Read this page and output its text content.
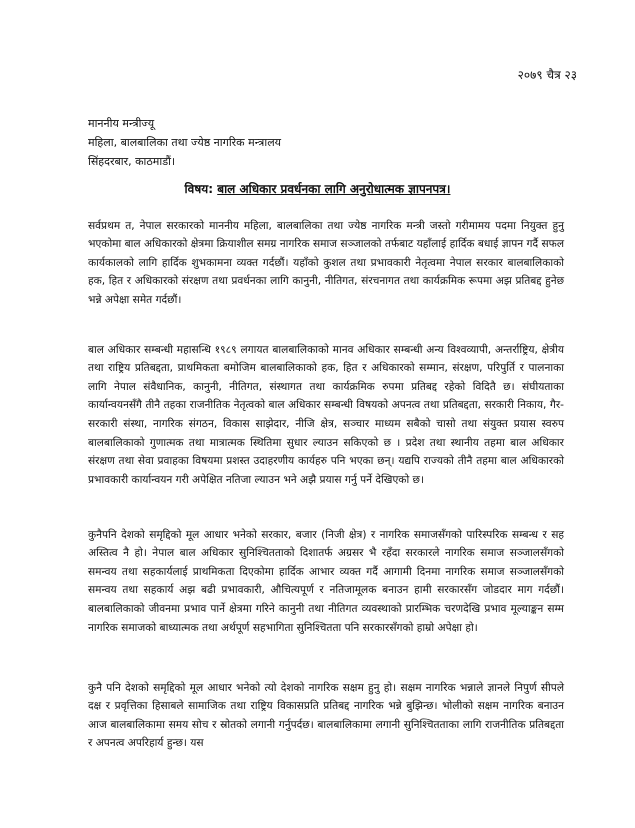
२०७९ चैत्र २३
माननीय मन्त्रीज्यू
महिला, बालबालिका तथा ज्येष्ठ नागरिक मन्त्रालय
सिंहदरबार, काठमाडौं।
विषय: बाल अधिकार प्रवर्धनका लागि अनुरोधात्मक ज्ञापनपत्र।

सर्वप्रथम त, नेपाल सरकारको माननीय महिला, बालबालिका तथा ज्येष्ठ नागरिक मन्त्री जस्तो गरीमामय पदमा नियुक्त हुनु भएकोमा बाल अधिकारको क्षेत्रमा क्रियाशील समग्र नागरिक समाज सञ्जालको तर्फबाट यहाँलाई हार्दिक बधाई ज्ञापन गर्दै सफल कार्यकालको लागि हार्दिक शुभकामना व्यक्त गर्दछौं। यहाँको कुशल तथा प्रभावकारी नेतृत्वमा नेपाल सरकार बालबालिकाको हक, हित र अधिकारको संरक्षण तथा प्रवर्धनका लागि कानुनी, नीतिगत, संरचनागत तथा कार्यक्रमिक रूपमा अझ प्रतिबद्द हुनेछ भन्ने अपेक्षा समेत गर्दछौं।

बाल अधिकार सम्बन्धी महासन्धि १९८९ लगायत बालबालिकाको मानव अधिकार सम्बन्धी अन्य विश्वव्यापी, अन्तर्राष्ट्रिय, क्षेत्रीय तथा राष्ट्रिय प्रतिबद्दता, प्राथमिकता बमोजिम बालबालिकाको हक, हित र अधिकारको सम्मान, संरक्षण, परिपुर्ति र पालनाका लागि नेपाल संवैधानिक, कानुनी, नीतिगत, संस्थागत तथा कार्यक्रमिक रुपमा प्रतिबद्द रहेको विदितै छ। संघीयताका कार्यान्वयनसँगै तीनै तहका राजनीतिक नेतृत्वको बाल अधिकार सम्बन्धी विषयको अपनत्व तथा प्रतिबद्दता, सरकारी निकाय, गैर-सरकारी संस्था, नागरिक संगठन, विकास साझेदार, नीजि क्षेत्र, सञ्चार माध्यम सबैको चासो तथा संयुक्त प्रयास स्वरुप बालबालिकाको गुणात्मक तथा मात्रात्मक स्थितिमा सुधार ल्याउन सकिएको छ । प्रदेश तथा स्थानीय तहमा बाल अधिकार संरक्षण तथा सेवा प्रवाहका विषयमा प्रशस्त उदाहरणीय कार्यहरु पनि भएका छन्। यद्यपि राज्यको तीनै तहमा बाल अधिकारको प्रभावकारी कार्यान्वयन गरी अपेक्षित नतिजा ल्याउन भने अझै प्रयास गर्नु पर्ने देखिएको छ।

कुनैपनि देशको समृद्दिको मूल आधार भनेको सरकार, बजार (निजी क्षेत्र) र नागरिक समाजसँगको पारिस्परिक सम्बन्ध र सह अस्तित्व नै हो। नेपाल बाल अधिकार सुनिश्चितताको दिशातर्फ अग्रसर भै रहँदा सरकारले नागरिक समाज सञ्जालसँगको समन्वय तथा सहकार्यलाई प्राथमिकता दिएकोमा हार्दिक आभार व्यक्त गर्दै आगामी दिनमा नागरिक समाज सञ्जालसँगको समन्वय तथा सहकार्य अझ बढी प्रभावकारी, औचित्यपूर्ण र नतिजामूलक बनाउन हामी सरकारसँग जोडदार माग गर्दछौं। बालबालिकाको जीवनमा प्रभाव पार्ने क्षेत्रमा गरिने कानुनी तथा नीतिगत व्यवस्थाको प्रारम्भिक चरणदेखि प्रभाव मूल्याङ्कन सम्म नागरिक समाजको बाध्यात्मक तथा अर्थपूर्ण सहभागिता सुनिश्चितता पनि सरकारसँगको हाम्रो अपेक्षा हो।

कुनै पनि देशको समृद्दिको मूल आधार भनेको त्यो देशको नागरिक सक्षम हुनु हो। सक्षम नागरिक भन्नाले ज्ञानले निपुर्ण सीपले दक्ष र प्रवृत्तिका हिसाबले सामाजिक तथा राष्ट्रिय विकासप्रति प्रतिबद्द नागरिक भन्ने बुझिन्छ। भोलीको सक्षम नागरिक बनाउन आज बालबालिकामा समय सोच र स्रोतको लगानी गर्नुपर्दछ। बालबालिकामा लगानी सुनिश्चितताका लागि राजनीतिक प्रतिबद्दता र अपनत्व अपरिहार्य हुन्छ। यस
